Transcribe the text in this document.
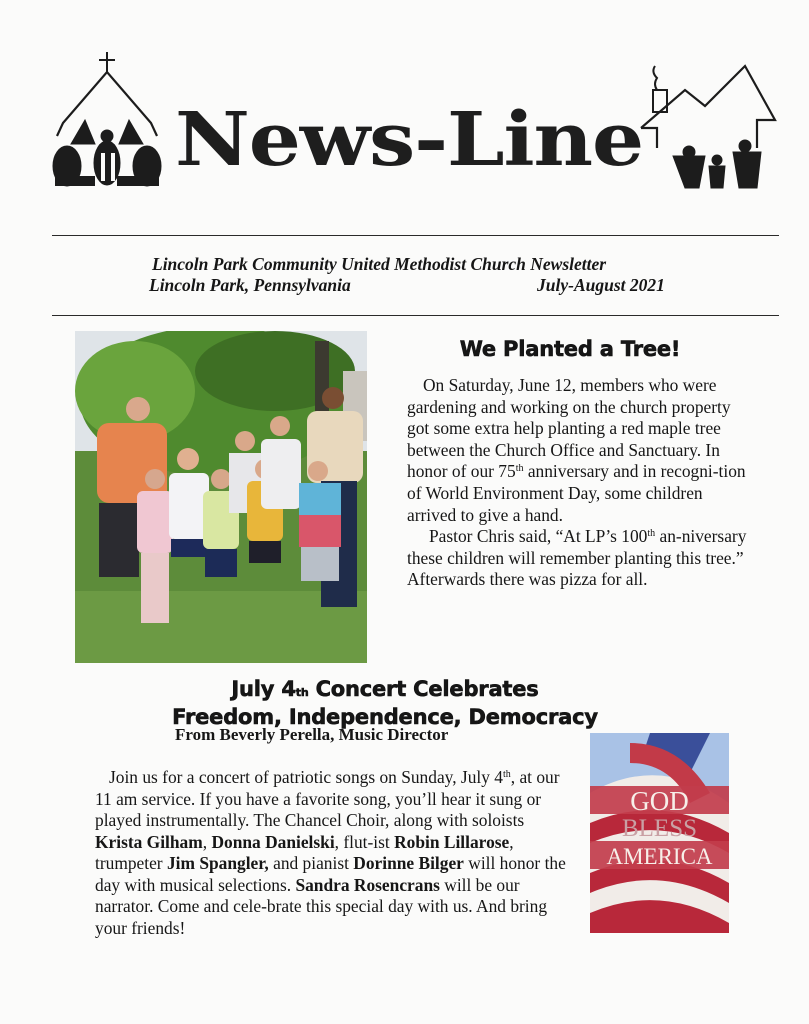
News-Line
Lincoln Park Community United Methodist Church Newsletter
Lincoln Park, Pennsylvania	July-August 2021
We Planted a Tree!

On Saturday, June 12, members who were gardening and working on the church property got some extra help planting a red maple tree between the Church Office and Sanctuary. In honor of our 75th anniversary and in recogni-tion of World Environment Day, some children arrived to give a hand.

Pastor Chris said, “At LP’s 100th an-niversary these children will remember planting this tree.” Afterwards there was pizza for all.

July 4th Concert Celebrates
Freedom, Independence, Democracy
From Beverly Perella, Music Director

Join us for a concert of patriotic songs on Sunday, July 4th, at our 11 am service. If you have a favorite song, you’ll hear it sung or played instrumentally. The Chancel Choir, along with soloists Krista Gilham, Donna Danielski, flut-ist Robin Lillarose, trumpeter Jim Spangler, and pianist Dorinne Bilger will honor the day with musical selections. Sandra Rosencrans will be our narrator. Come and cele-brate this special day with us. And bring your friends!

GOD
BLESS
AMERICA
